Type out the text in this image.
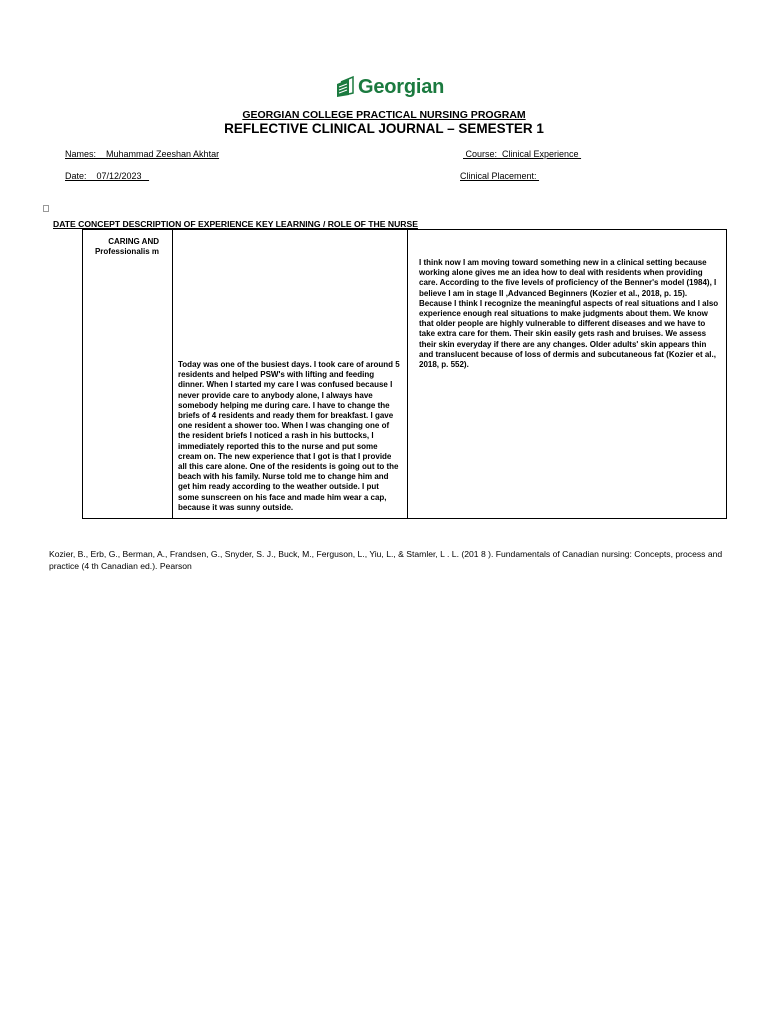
Georgian
GEORGIAN COLLEGE PRACTICAL NURSING PROGRAM
REFLECTIVE CLINICAL JOURNAL – SEMESTER 1
Names:    Muhammad Zeeshan Akhtar	Course:  Clinical Experience
Date:    07/12/2023	Clinical Placement:
DATE CONCEPT DESCRIPTION OF EXPERIENCE KEY LEARNING / ROLE OF THE NURSE
CARING AND Professionalis m
Today was one of the busiest days. I took care of around 5 residents and helped PSW's with lifting and feeding dinner. When I started my care I was confused because I never provide care to anybody alone, I always have somebody helping me during care. I have to change the briefs of 4 residents and ready them for breakfast. I gave one resident a shower too. When I was changing one of the resident briefs I noticed a rash in his buttocks, I immediately reported this to the nurse and put some cream on. The new experience that I got is that I provide all this care alone. One of the residents is going out to the beach with his family. Nurse told me to change him and get him ready according to the weather outside. I put some sunscreen on his face and made him wear a cap, because it was sunny outside.
I think now I am moving toward something new in a clinical setting because working alone gives me an idea how to deal with residents when providing care. According to the five levels of proficiency of the Benner's model (1984), I believe I am in stage II ,Advanced Beginners (Kozier et al., 2018, p. 15). Because I think I recognize the meaningful aspects of real situations and I also experience enough real situations to make judgments about them. We know that older people are highly vulnerable to different diseases and we have to take extra care for them. Their skin easily gets rash and bruises. We assess their skin everyday if there are any changes. Older adults' skin appears thin and translucent because of loss of dermis and subcutaneous fat (Kozier et al., 2018, p. 552).
Kozier, B., Erb, G., Berman, A., Frandsen, G., Snyder, S. J., Buck, M., Ferguson, L., Yiu, L., & Stamler, L . L. (201 8 ). Fundamentals of Canadian nursing: Concepts, process and practice (4 th Canadian ed.). Pearson
